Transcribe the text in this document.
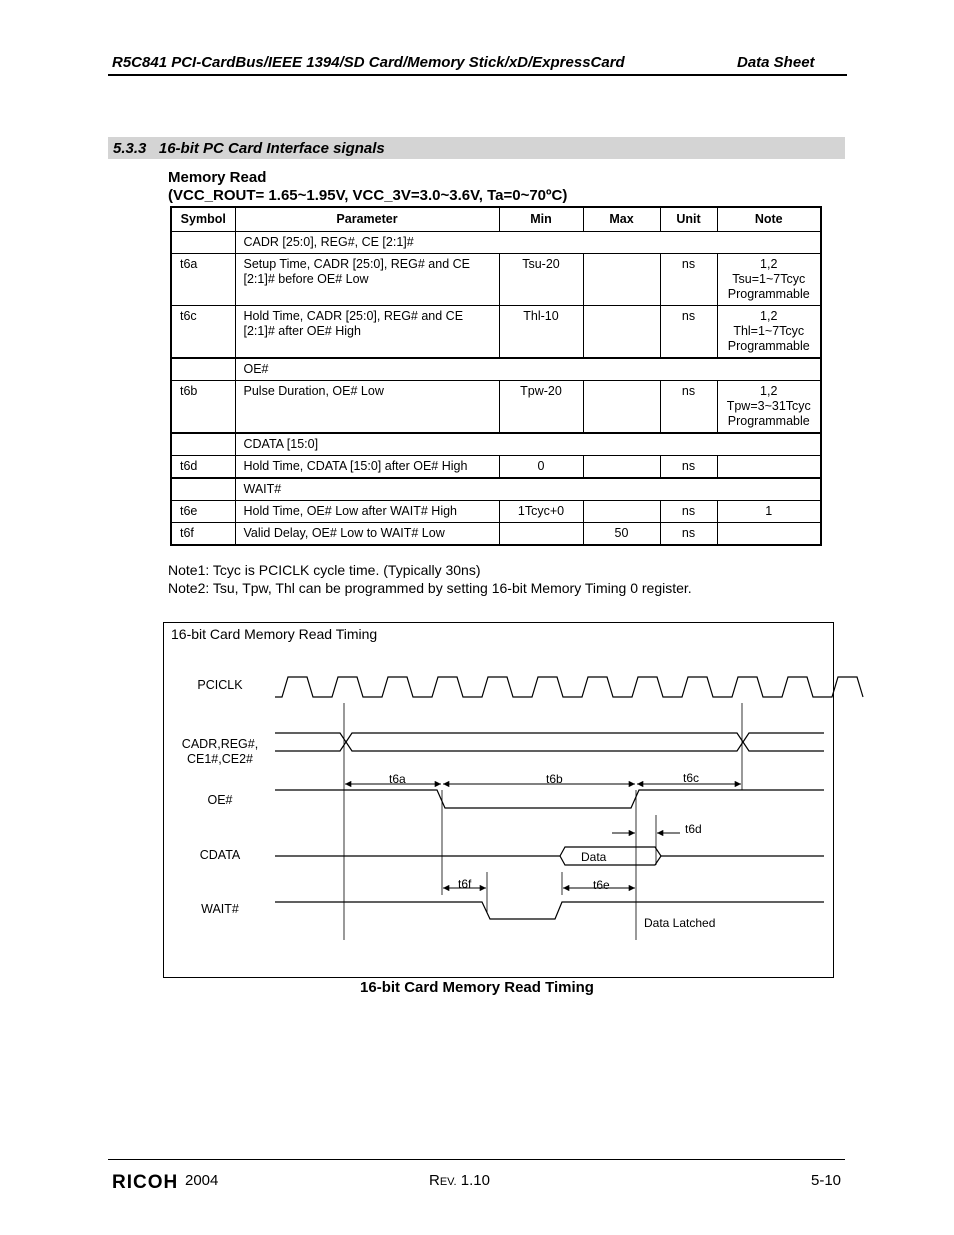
R5C841 PCI-CardBus/IEEE 1394/SD Card/Memory Stick/xD/ExpressCard	Data Sheet
5.3.3   16-bit PC Card Interface signals
Memory Read
(VCC_ROUT= 1.65~1.95V, VCC_3V=3.0~3.6V, Ta=0~70ºC)
Symbol	Parameter	Min	Max	Unit	Note
	CADR [25:0], REG#, CE [2:1]#				
t6a	Setup Time, CADR [25:0], REG# and CE [2:1]# before OE# Low	Tsu-20		ns	1,2
Tsu=1~7Tcyc
Programmable

t6c	Hold Time, CADR [25:0], REG# and CE [2:1]# after OE# High	Thl-10		ns	1,2
Thl=1~7Tcyc
Programmable

	OE#				
t6b	Pulse Duration, OE# Low	Tpw-20		ns	1,2
Tpw=3~31Tcyc
Programmable

	CDATA [15:0]				
t6d	Hold Time, CDATA [15:0] after OE# High	0		ns	

	WAIT#				
t6e	Hold Time, OE# Low after WAIT# High	1Tcyc+0		ns	1

t6f	Valid Delay, OE# Low to WAIT# Low		50	ns	
Note1: Tcyc is PCICLK cycle time. (Typically 30ns)
Note2: Tsu, Tpw, Thl can be programmed by setting 16-bit Memory Timing 0 register.
16-bit Card Memory Read Timing
PCICLK
CADR,REG#,
CE1#,CE2#
OE#
CDATA
WAIT#
t6a	t6b	t6c
t6d
Data
t6f	t6e
Data Latched
16-bit Card Memory Read Timing
RICOH 2004	REV. 1.10	5-10
